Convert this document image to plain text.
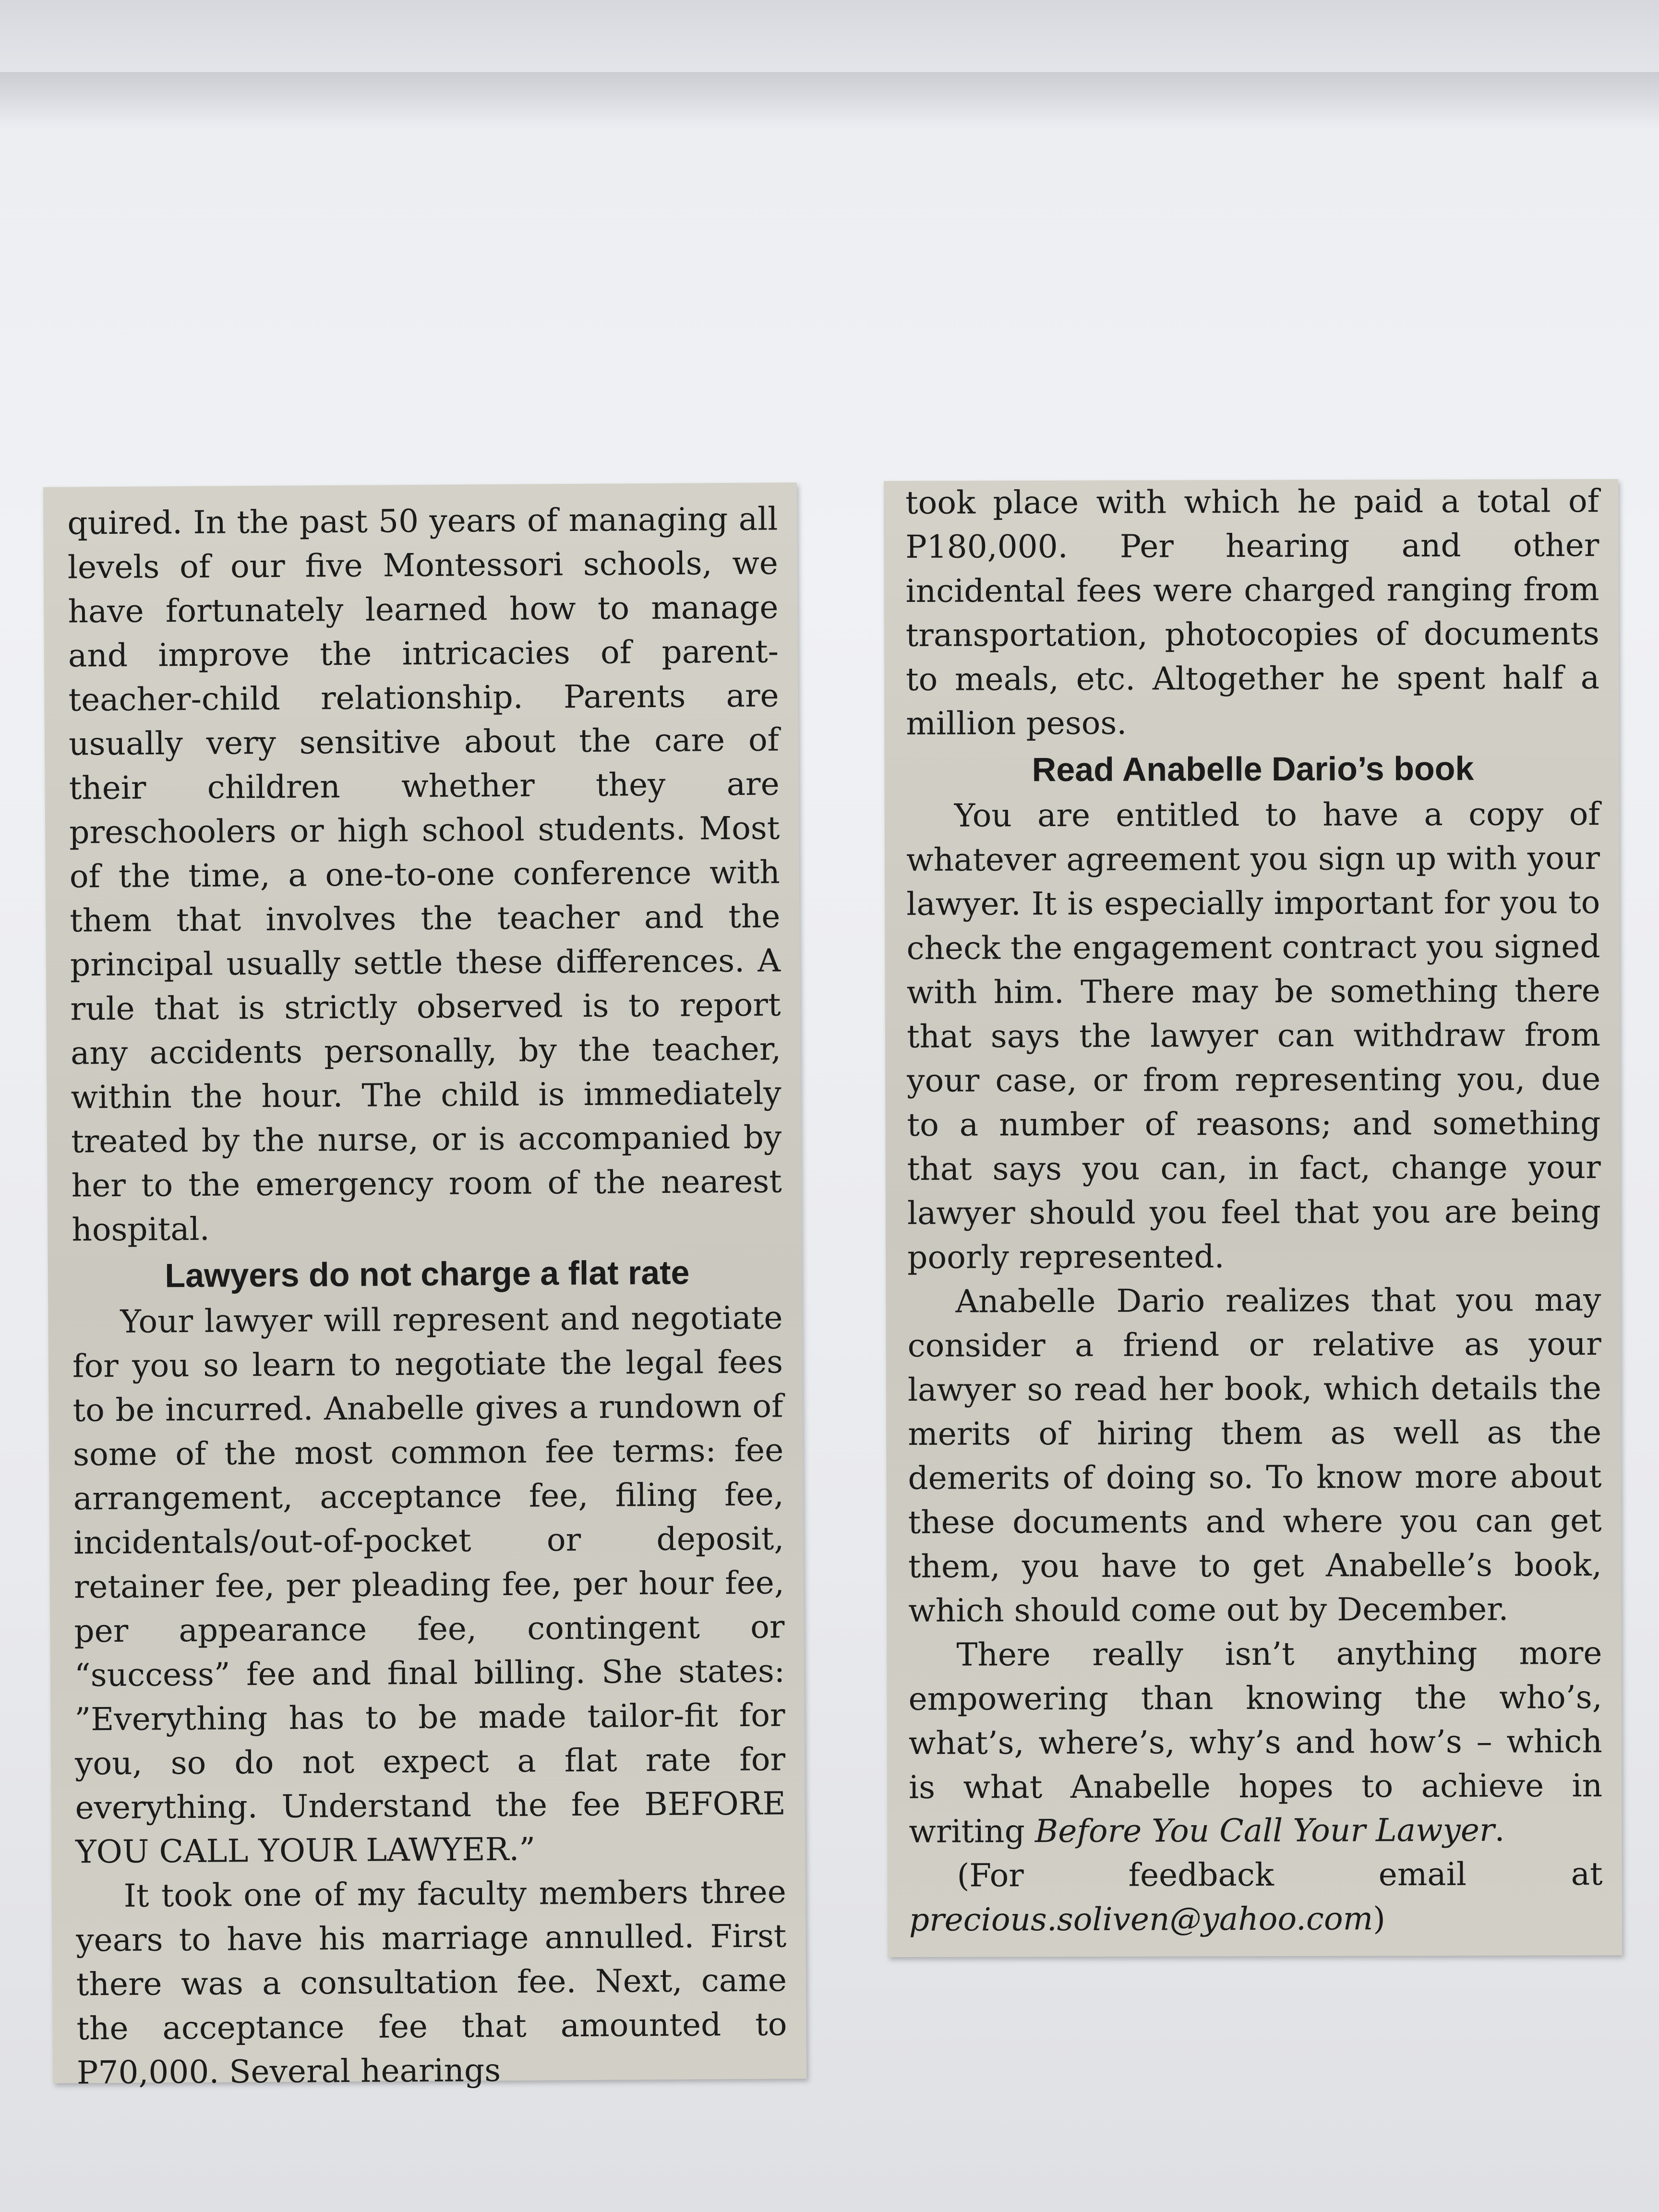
quired. In the past 50 years of managing all levels of our five Montessori schools, we have fortunately learned how to manage and improve the intricacies of parent-teacher-child relationship. Parents are usually very sensitive about the care of their children whether they are preschoolers or high school students. Most of the time, a one-to-one conference with them that involves the teacher and the principal usually settle these differences. A rule that is strictly observed is to report any accidents personally, by the teacher, within the hour. The child is immediately treated by the nurse, or is accompanied by her to the emergency room of the nearest hospital.

Lawyers do not charge a flat rate

Your lawyer will represent and negotiate for you so learn to negotiate the legal fees to be incurred. Anabelle gives a rundown of some of the most common fee terms: fee arrangement, acceptance fee, filing fee, incidentals/out-of-pocket or deposit, retainer fee, per pleading fee, per hour fee, per appearance fee, contingent or “success” fee and final billing. She states: ”Everything has to be made tailor-fit for you, so do not expect a flat rate for everything. Understand the fee BEFORE YOU CALL YOUR LAWYER.”

It took one of my faculty members three years to have his marriage annulled. First there was a consultation fee. Next, came the acceptance fee that amounted to P70,000. Several hearings

took place with which he paid a total of P180,000. Per hearing and other incidental fees were charged ranging from transportation, photocopies of documents to meals, etc. Altogether he spent half a million pesos.

Read Anabelle Dario’s book

You are entitled to have a copy of whatever agreement you sign up with your lawyer. It is especially important for you to check the engagement contract you signed with him. There may be something there that says the lawyer can withdraw from your case, or from representing you, due to a number of reasons; and something that says you can, in fact, change your lawyer should you feel that you are being poorly represented.

Anabelle Dario realizes that you may consider a friend or relative as your lawyer so read her book, which details the merits of hiring them as well as the demerits of doing so. To know more about these documents and where you can get them, you have to get Anabelle’s book, which should come out by December.

There really isn’t anything more empowering than knowing the who’s, what’s, where’s, why’s and how’s – which is what Anabelle hopes to achieve in writing Before You Call Your Lawyer.

(For feedback email at precious.soliven@yahoo.com)
